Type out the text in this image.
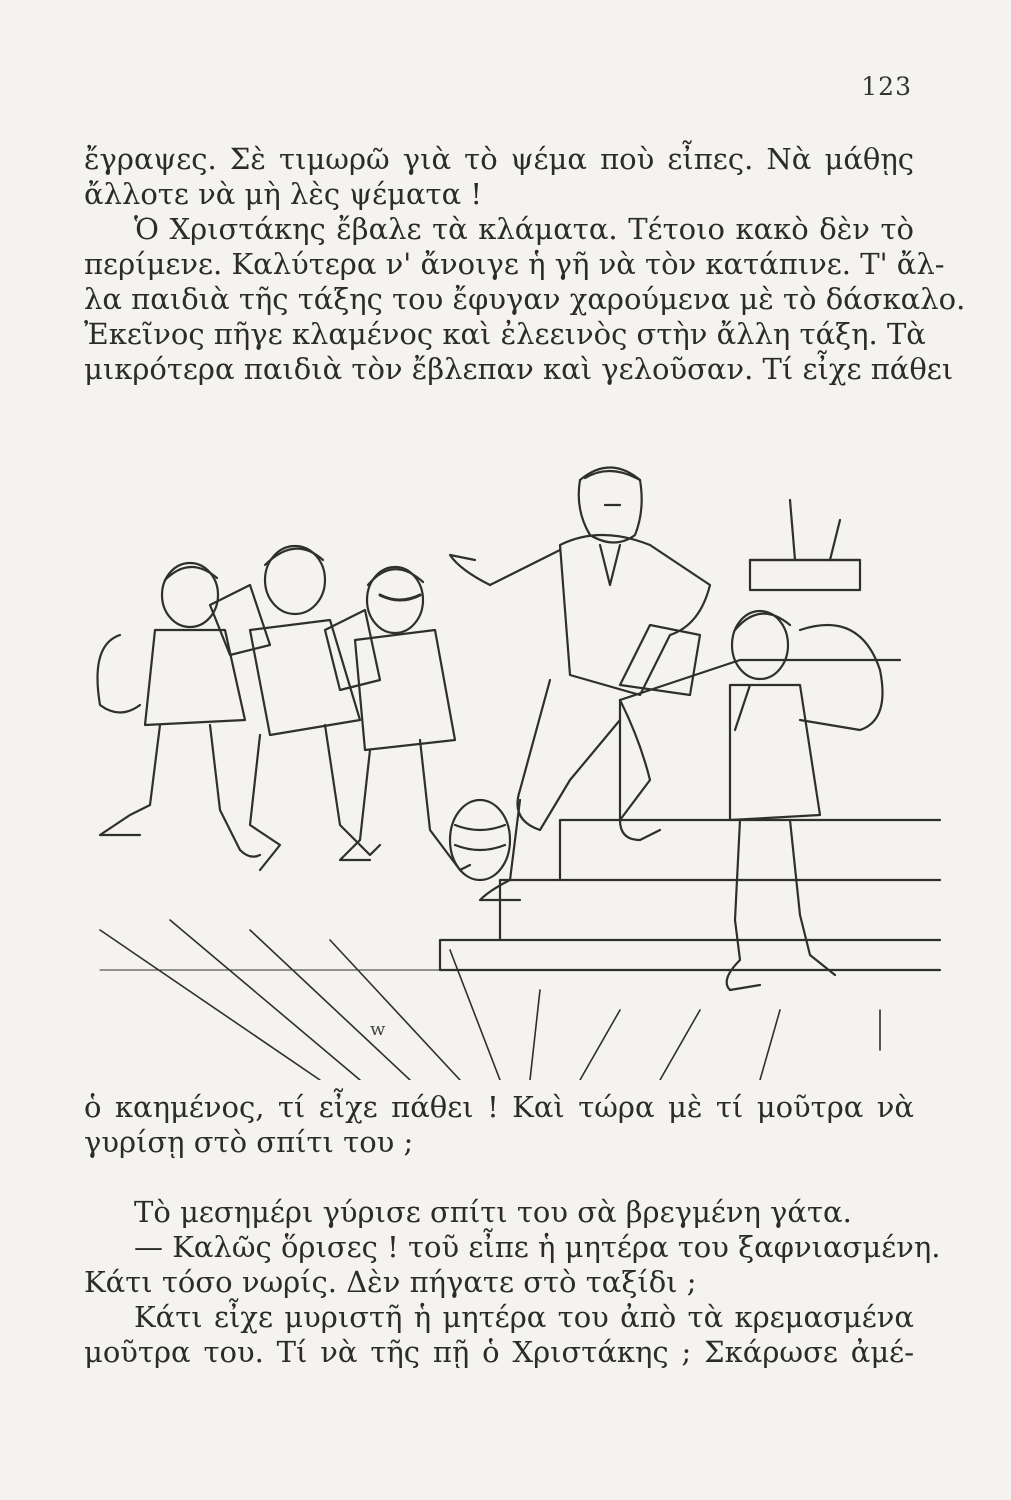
123
ἔγραψες. Σὲ τιμωρῶ γιὰ τὸ ψέμα ποὺ εἶπες. Νὰ μάθῃς
ἄλλοτε νὰ μὴ λὲς ψέματα !
Ὁ Χριστάκης ἔβαλε τὰ κλάματα. Τέτοιο κακὸ δὲν τὸ
περίμενε. Καλύτερα ν' ἄνοιγε ἡ γῆ νὰ τὸν κατάπινε. Τ' ἄλ-
λα παιδιὰ τῆς τάξης του ἔφυγαν χαρούμενα μὲ τὸ δάσκαλο.
Ἐκεῖνος πῆγε κλαμένος καὶ ἐλεεινὸς στὴν ἄλλη τάξη. Τὰ
μικρότερα παιδιὰ τὸν ἔβλεπαν καὶ γελοῦσαν. Τί εἶχε πάθει
w
ὁ καημένος, τί εἶχε πάθει ! Καὶ τώρα μὲ τί μοῦτρα νὰ
γυρίσῃ στὸ σπίτι του ;
Τὸ μεσημέρι γύρισε σπίτι του σὰ βρεγμένη γάτα.
— Καλῶς ὅρισες ! τοῦ εἶπε ἡ μητέρα του ξαφνιασμένη.
Κάτι τόσο νωρίς. Δὲν πήγατε στὸ ταξίδι ;
Κάτι εἶχε μυριστῆ ἡ μητέρα του ἀπὸ τὰ κρεμασμένα
μοῦτρα του. Τί νὰ τῆς πῇ ὁ Χριστάκης ; Σκάρωσε ἀμέ-
